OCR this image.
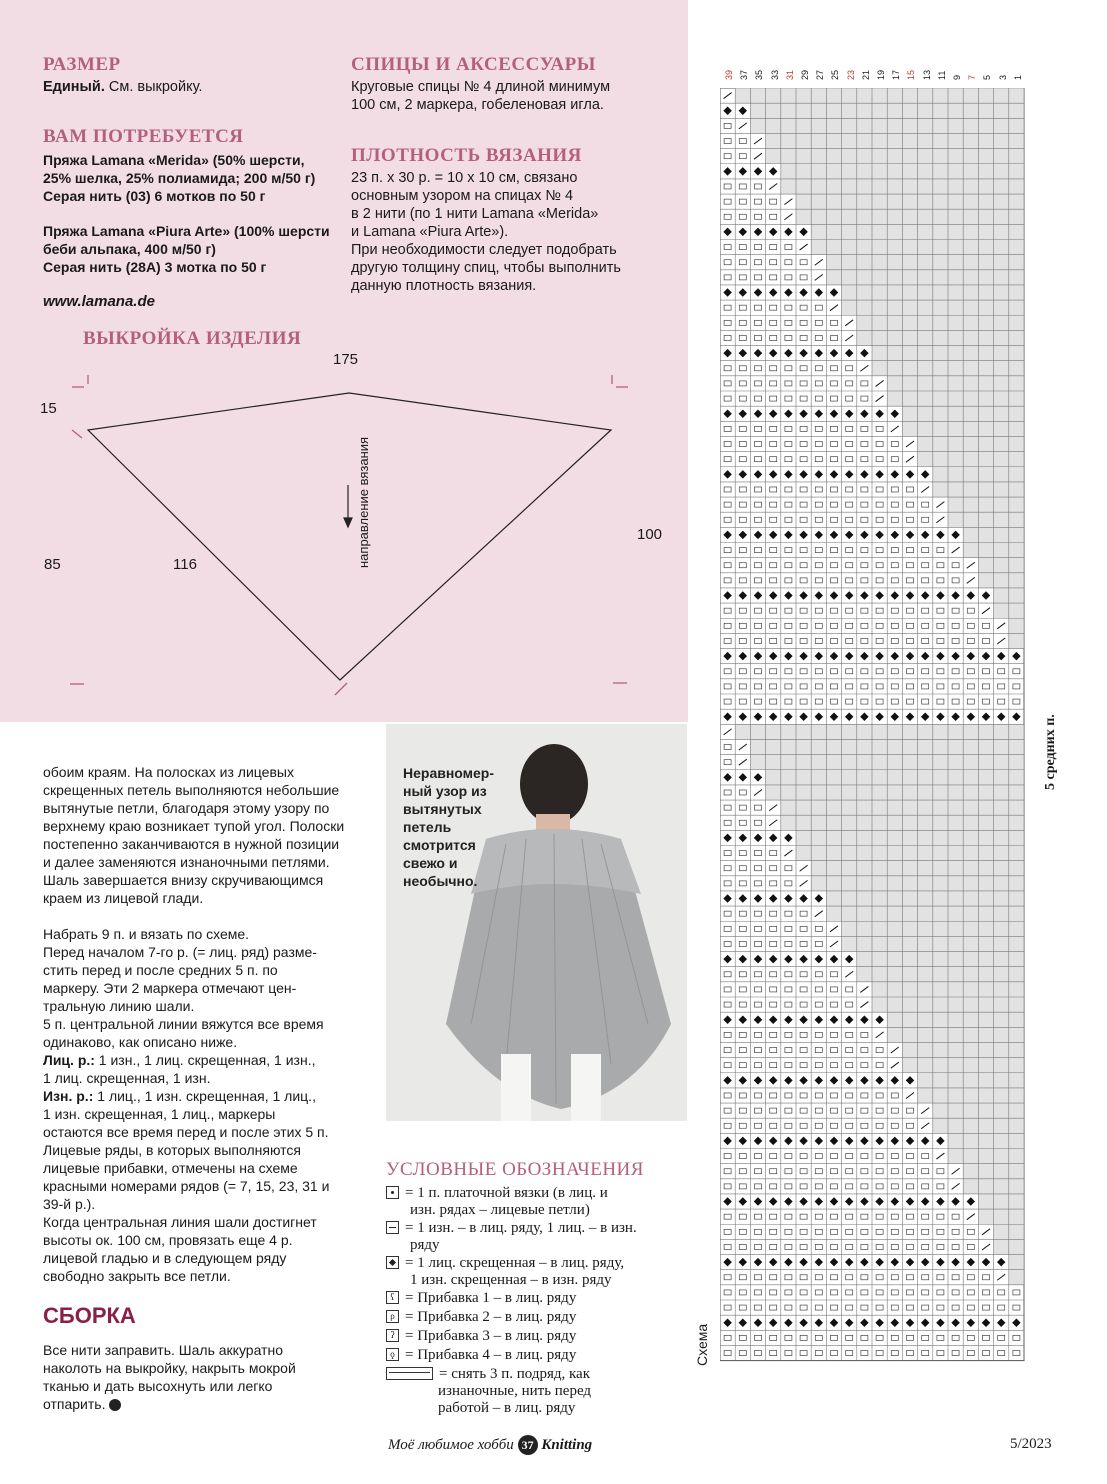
РАЗМЕР
Единый. См. выкройку.
ВАМ ПОТРЕБУЕТСЯ
Пряжа Lamana «Merida» (50% шерсти,
25% шелка, 25% полиамида; 200 м/50 г)
Серая нить (03) 6 мотков по 50 г
Пряжа Lamana «Piura Arte» (100% шерсти
беби альпака, 400 м/50 г)
Серая нить (28А) 3 мотка по 50 г
www.lamana.de
СПИЦЫ И АКСЕССУАРЫ
Круговые спицы № 4 длиной минимум
100 см, 2 маркера, гобеленовая игла.
ПЛОТНОСТЬ ВЯЗАНИЯ
23 п. х 30 р. = 10 х 10 см, связано
основным узором на спицах № 4
в 2 нити (по 1 нити Lamana «Merida»
и Lamana «Piura Arte»).
При необходимости следует подобрать
другую толщину спиц, чтобы выполнить
данную плотность вязания.
ВЫКРОЙКА ИЗДЕЛИЯ
175
15
85	116
100
направление вязания

обоим краям. На полосках из лицевых

скрещенных петель выполняются небольшие

вытянутые петли, благодаря этому узору по

верхнему краю возникает тупой угол. Полоски

постепенно заканчиваются в нужной позиции

и далее заменяются изнаночными петлями.

Шаль завершается внизу скручивающимся

краем из лицевой глади.

Набрать 9 п. и вязать по схеме.

Перед началом 7-го р. (= лиц. ряд) разме-

стить перед и после средних 5 п. по

маркеру. Эти 2 маркера отмечают цен-

тральную линию шали.

5 п. центральной линии вяжутся все время

одинаково, как описано ниже.

Лиц. р.: 1 изн., 1 лиц. скрещенная, 1 изн.,

1 лиц. скрещенная, 1 изн.

Изн. р.: 1 лиц., 1 изн. скрещенная, 1 лиц.,

1 изн. скрещенная, 1 лиц., маркеры

остаются все время перед и после этих 5 п.

Лицевые ряды, в которых выполняются

лицевые прибавки, отмечены на схеме

красными номерами рядов (= 7, 15, 23, 31 и

39-й р.).

Когда центральная линия шали достигнет

высоты ок. 100 см, провязать еще 4 р.

лицевой гладью и в следующем ряду

свободно закрыть все петли.

СБОРКА

Все нити заправить. Шаль аккуратно

наколоть на выкройку, накрыть мокрой

тканью и дать высохнуть или легко

отпарить.

Неравномер-
ный узор из
вытянутых
петель
смотрится
свежо и
необычно.
УСЛОВНЫЕ ОБОЗНАЧЕНИЯ
= 1 п. платочной вязки (в лиц. и
изн. рядах – лицевые петли)
= 1 изн. – в лиц. ряду, 1 лиц. – в изн.
ряду
= 1 лиц. скрещенная – в лиц. ряду,
1 изн. скрещенная – в изн. ряду
ʕ = Прибавка 1 – в лиц. ряду
ρ = Прибавка 2 – в лиц. ряду
ʔ = Прибавка 3 – в лиц. ряду
ϙ = Прибавка 4 – в лиц. ряду
= снять 3 п. подряд, как
изнаночные, нить перед
работой – в лиц. ряду
39 37 35 33 31 29 27 25 23 21 19 17 15 13 11 9 7 5 3 1
Схема
5 средних п.
Моё любимое хобби 37 Knitting	5/2023
